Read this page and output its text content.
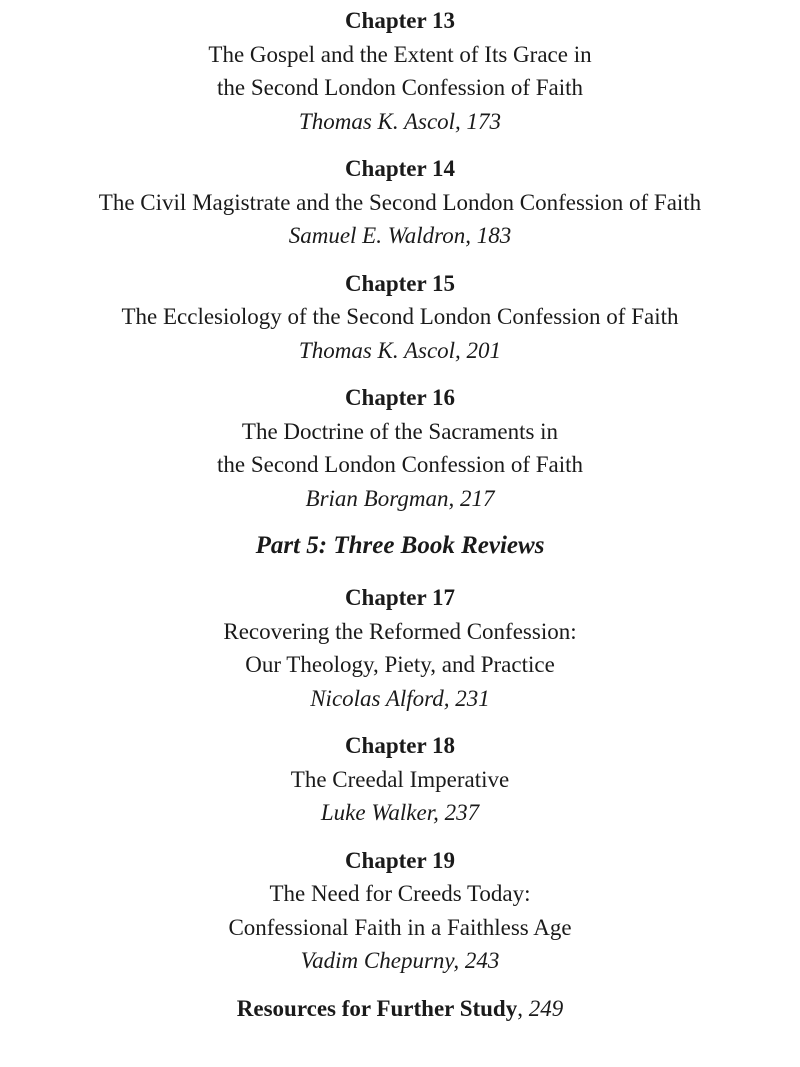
Chapter 13
The Gospel and the Extent of Its Grace in
the Second London Confession of Faith
Thomas K. Ascol, 173
Chapter 14
The Civil Magistrate and the Second London Confession of Faith
Samuel E. Waldron, 183
Chapter 15
The Ecclesiology of the Second London Confession of Faith
Thomas K. Ascol, 201
Chapter 16
The Doctrine of the Sacraments in
the Second London Confession of Faith
Brian Borgman, 217
Part 5: Three Book Reviews
Chapter 17
Recovering the Reformed Confession:
Our Theology, Piety, and Practice
Nicolas Alford, 231
Chapter 18
The Creedal Imperative
Luke Walker, 237
Chapter 19
The Need for Creeds Today:
Confessional Faith in a Faithless Age
Vadim Chepurny, 243
Resources for Further Study, 249
